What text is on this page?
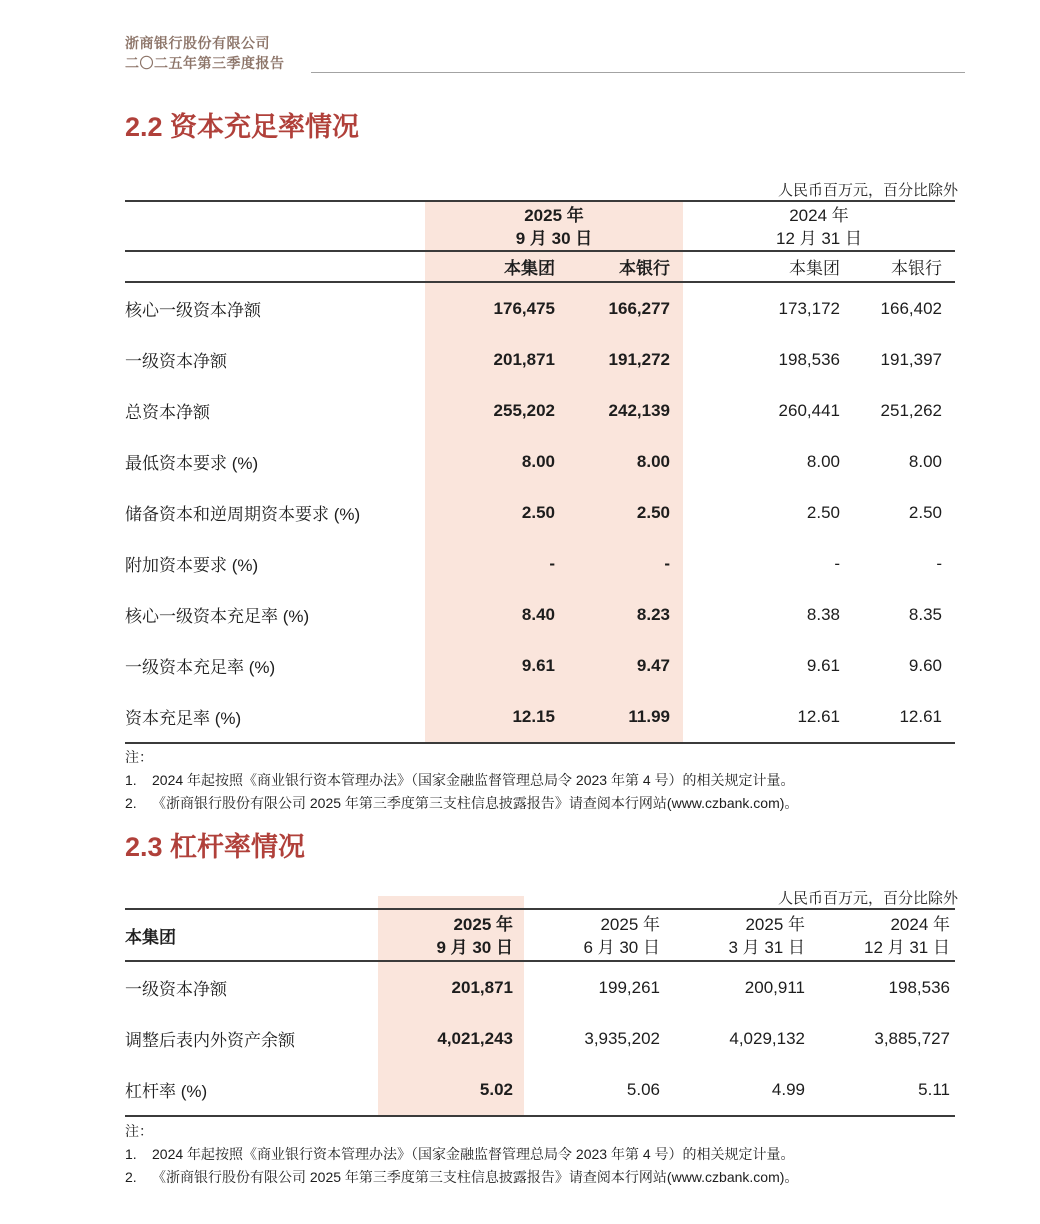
浙商银行股份有限公司
二〇二五年第三季度报告
2.2 资本充足率情况
人民币百万元，百分比除外
2025 年
9 月 30 日
2024 年
12 月 31 日
本集团	本银行	本集团	本银行
核心一级资本净额	176,475	166,277	173,172	166,402
一级资本净额	201,871	191,272	198,536	191,397
总资本净额	255,202	242,139	260,441	251,262
最低资本要求 (%)	8.00	8.00	8.00	8.00
储备资本和逆周期资本要求 (%)	2.50	2.50	2.50	2.50
附加资本要求 (%)	-	-	-	-
核心一级资本充足率 (%)	8.40	8.23	8.38	8.35
一级资本充足率 (%)	9.61	9.47	9.61	9.60
资本充足率 (%)	12.15	11.99	12.61	12.61
注：
1.	2024 年起按照《商业银行资本管理办法》（国家金融监督管理总局令 2023 年第 4 号）的相关规定计量。
2.	《浙商银行股份有限公司 2025 年第三季度第三支柱信息披露报告》请查阅本行网站(www.czbank.com)。
2.3 杠杆率情况
人民币百万元，百分比除外
本集团
2025 年
9 月 30 日
2025 年
6 月 30 日
2025 年
3 月 31 日
2024 年
12 月 31 日
一级资本净额	201,871	199,261	200,911	198,536
调整后表内外资产余额	4,021,243	3,935,202	4,029,132	3,885,727
杠杆率 (%)	5.02	5.06	4.99	5.11
注：
1.	2024 年起按照《商业银行资本管理办法》（国家金融监督管理总局令 2023 年第 4 号）的相关规定计量。
2.	《浙商银行股份有限公司 2025 年第三季度第三支柱信息披露报告》请查阅本行网站(www.czbank.com)。
